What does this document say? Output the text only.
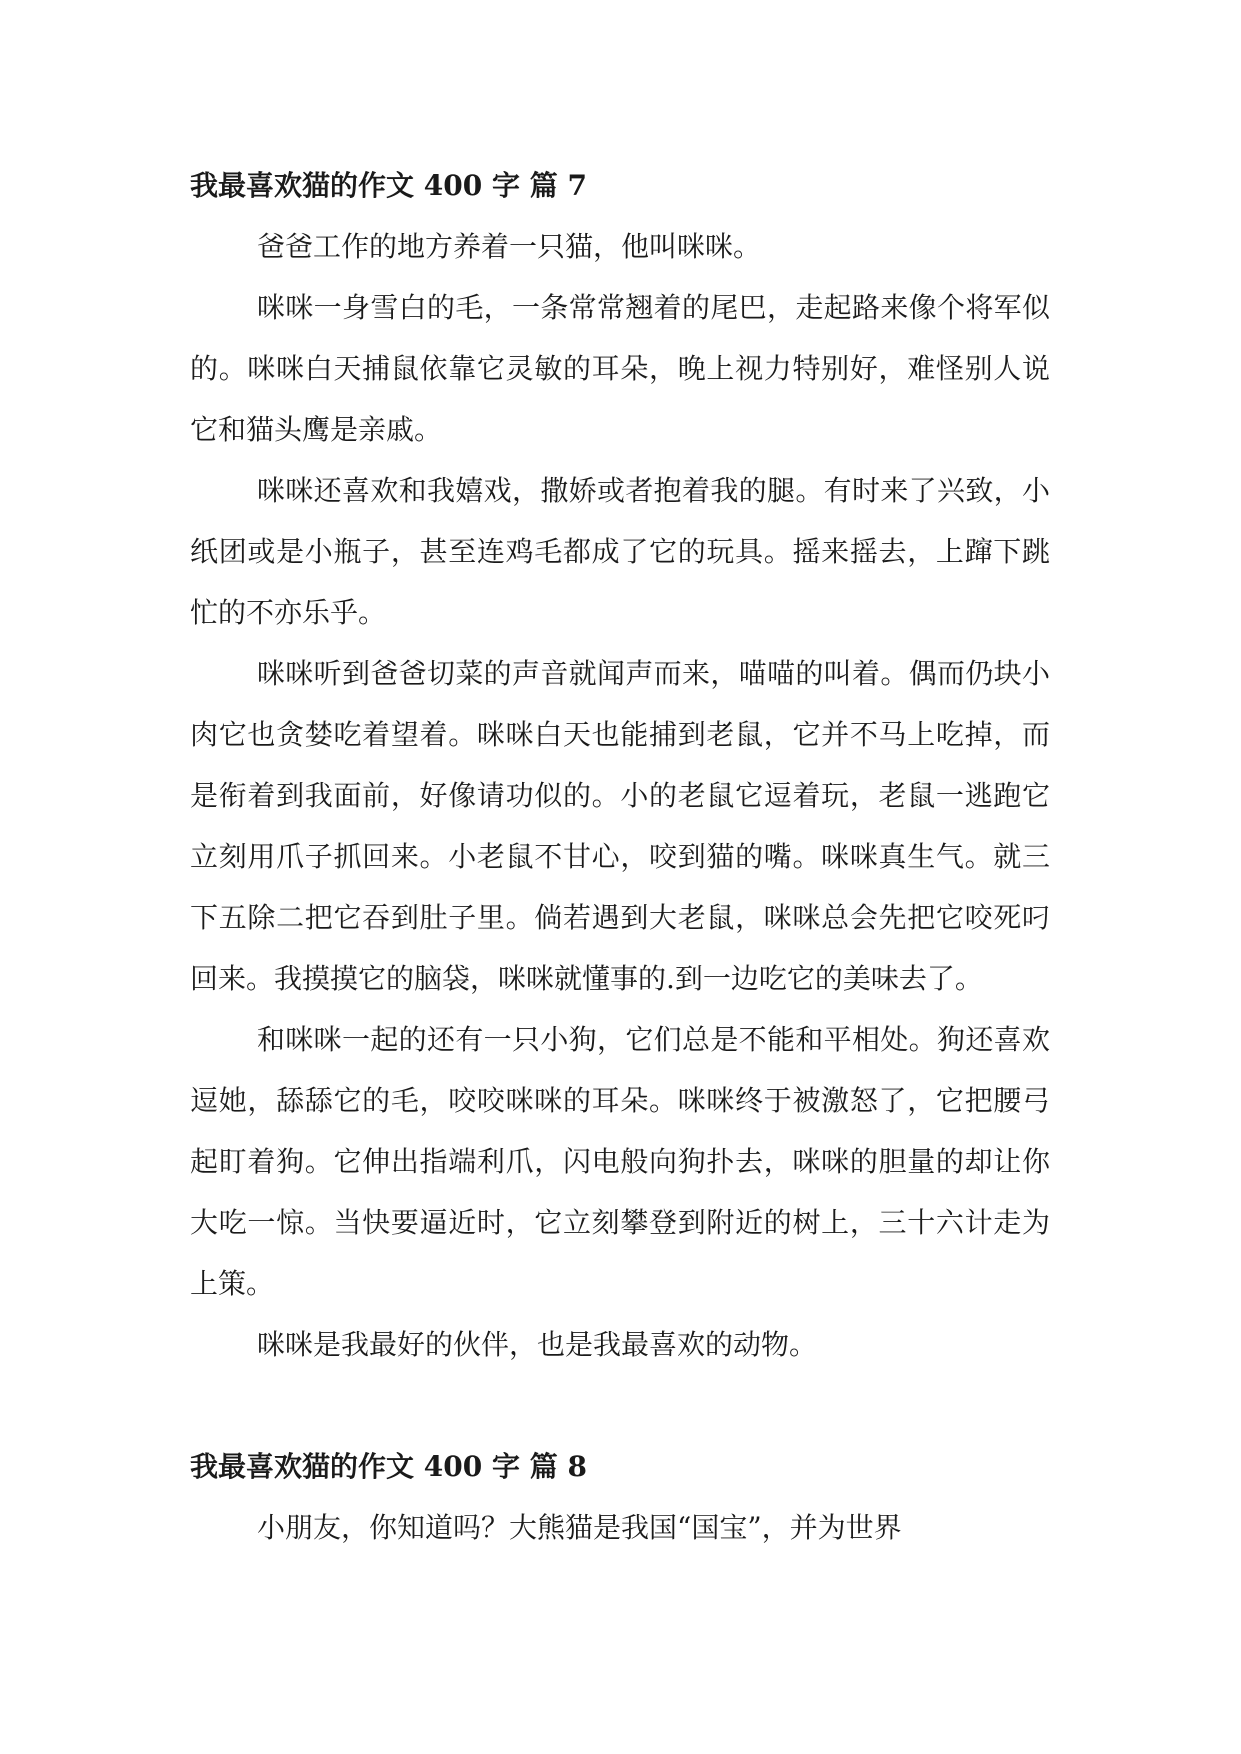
我最喜欢猫的作文 400 字 篇 7

爸爸工作的地方养着一只猫，他叫咪咪。

咪咪一身雪白的毛，一条常常翘着的尾巴，走起路来像个将军似的。咪咪白天捕鼠依靠它灵敏的耳朵，晚上视力特别好，难怪别人说它和猫头鹰是亲戚。

咪咪还喜欢和我嬉戏，撒娇或者抱着我的腿。有时来了兴致，小纸团或是小瓶子，甚至连鸡毛都成了它的玩具。摇来摇去，上蹿下跳忙的不亦乐乎。

咪咪听到爸爸切菜的声音就闻声而来，喵喵的叫着。偶而仍块小肉它也贪婪吃着望着。咪咪白天也能捕到老鼠，它并不马上吃掉，而是衔着到我面前，好像请功似的。小的老鼠它逗着玩，老鼠一逃跑它立刻用爪子抓回来。小老鼠不甘心，咬到猫的嘴。咪咪真生气。就三下五除二把它吞到肚子里。倘若遇到大老鼠，咪咪总会先把它咬死叼回来。我摸摸它的脑袋，咪咪就懂事的.到一边吃它的美味去了。

和咪咪一起的还有一只小狗，它们总是不能和平相处。狗还喜欢逗她，舔舔它的毛，咬咬咪咪的耳朵。咪咪终于被激怒了，它把腰弓起盯着狗。它伸出指端利爪，闪电般向狗扑去，咪咪的胆量的却让你大吃一惊。当快要逼近时，它立刻攀登到附近的树上，三十六计走为上策。

咪咪是我最好的伙伴，也是我最喜欢的动物。

我最喜欢猫的作文 400 字 篇 8

小朋友，你知道吗？大熊猫是我国“国宝”，并为世界
